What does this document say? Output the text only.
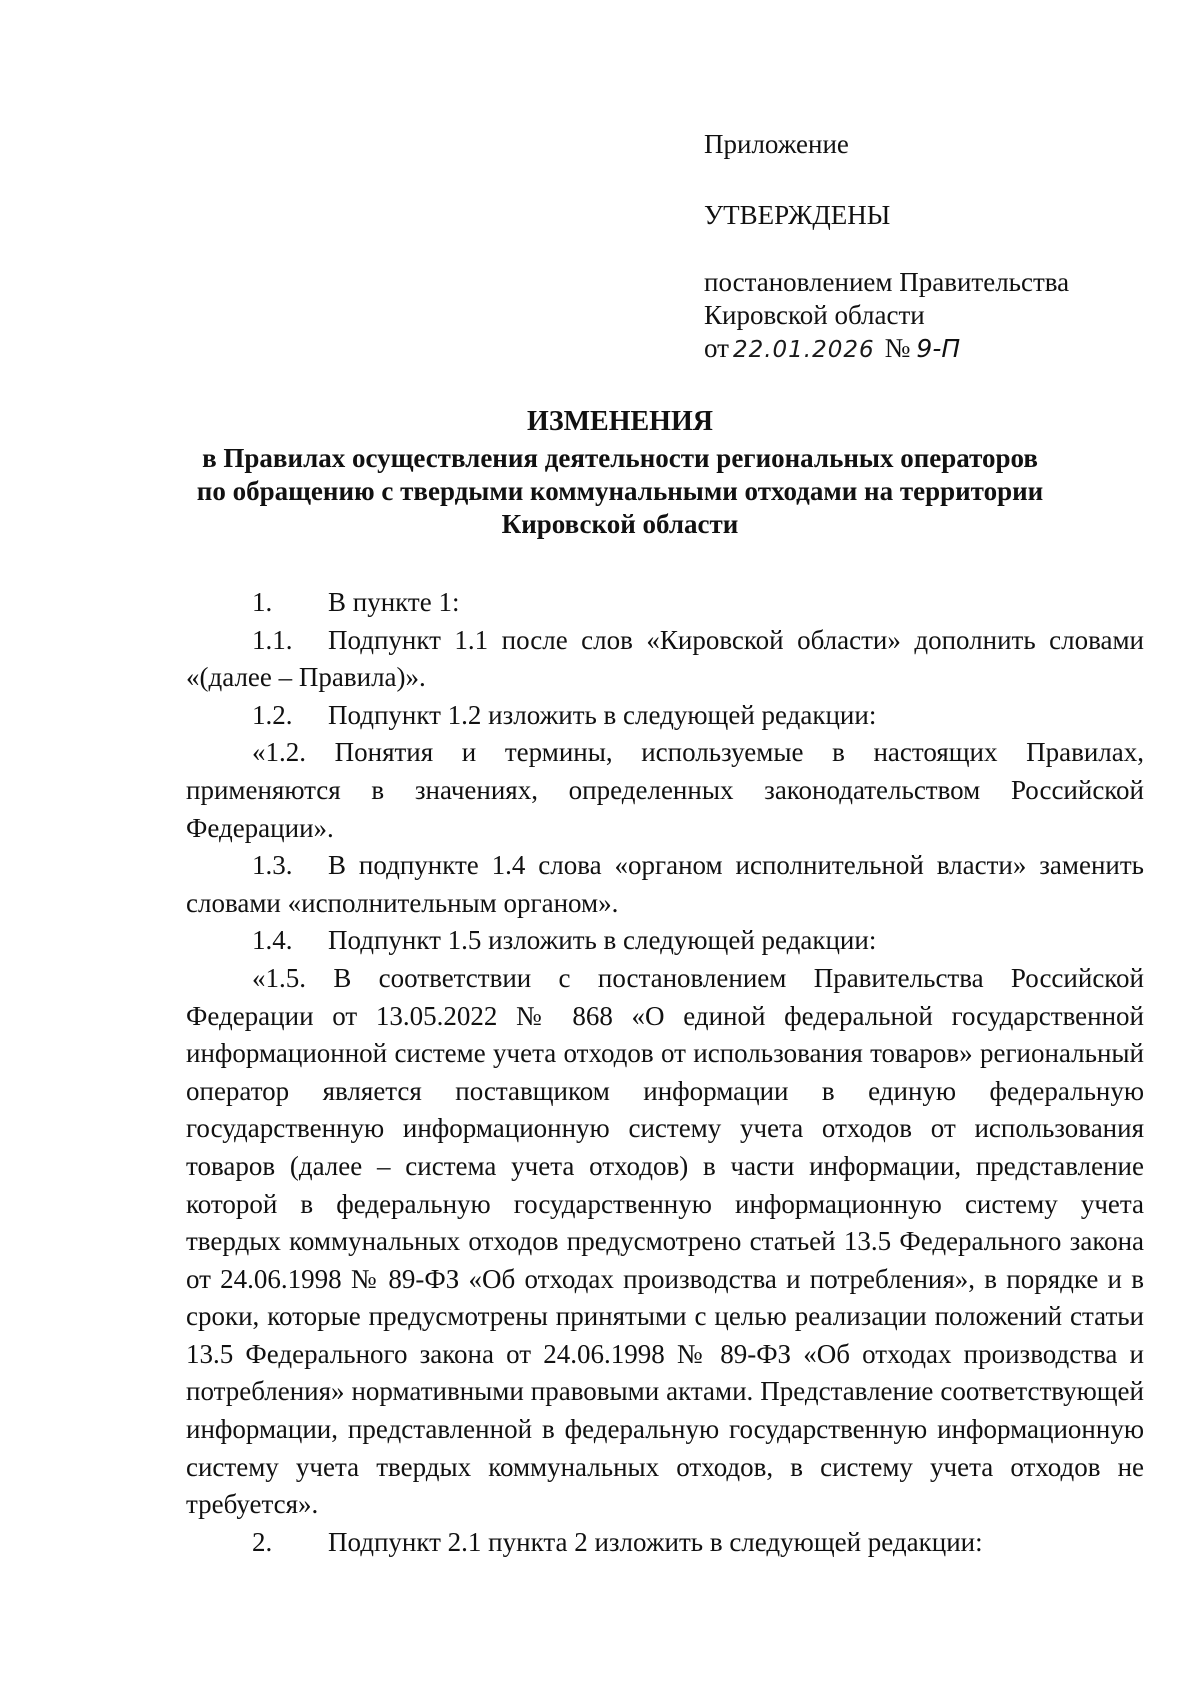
Приложение
УТВЕРЖДЕНЫ
постановлением Правительства
Кировской области
от 22.01.2026 № 9-П
ИЗМЕНЕНИЯ
в Правилах осуществления деятельности региональных операторов
по обращению с твердыми коммунальными отходами на территории
Кировской области

1. В пункте 1:

1.1. Подпункт 1.1 после слов «Кировской области» дополнить словами «(далее – Правила)».

1.2. Подпункт 1.2 изложить в следующей редакции:

«1.2. Понятия и термины, используемые в настоящих Правилах, применяются в значениях, определенных законодательством Российской Федерации».

1.3. В подпункте 1.4 слова «органом исполнительной власти» заменить словами «исполнительным органом».

1.4. Подпункт 1.5 изложить в следующей редакции:

«1.5. В соответствии с постановлением Правительства Российской Федерации от 13.05.2022 № 868 «О единой федеральной государственной информационной системе учета отходов от использования товаров» региональный оператор является поставщиком информации в единую федеральную государственную информационную систему учета отходов от использования товаров (далее – система учета отходов) в части информации, представление которой в федеральную государственную информационную систему учета твердых коммунальных отходов предусмотрено статьей 13.5 Федерального закона от 24.06.1998 № 89-ФЗ «Об отходах производства и потребления», в порядке и в сроки, которые предусмотрены принятыми с целью реализации положений статьи 13.5 Федерального закона от 24.06.1998 № 89-ФЗ «Об отходах производства и потребления» нормативными правовыми актами. Представление соответствующей информации, представленной в федеральную государственную информационную систему учета твердых коммунальных отходов, в систему учета отходов не требуется».

2. Подпункт 2.1 пункта 2 изложить в следующей редакции:
